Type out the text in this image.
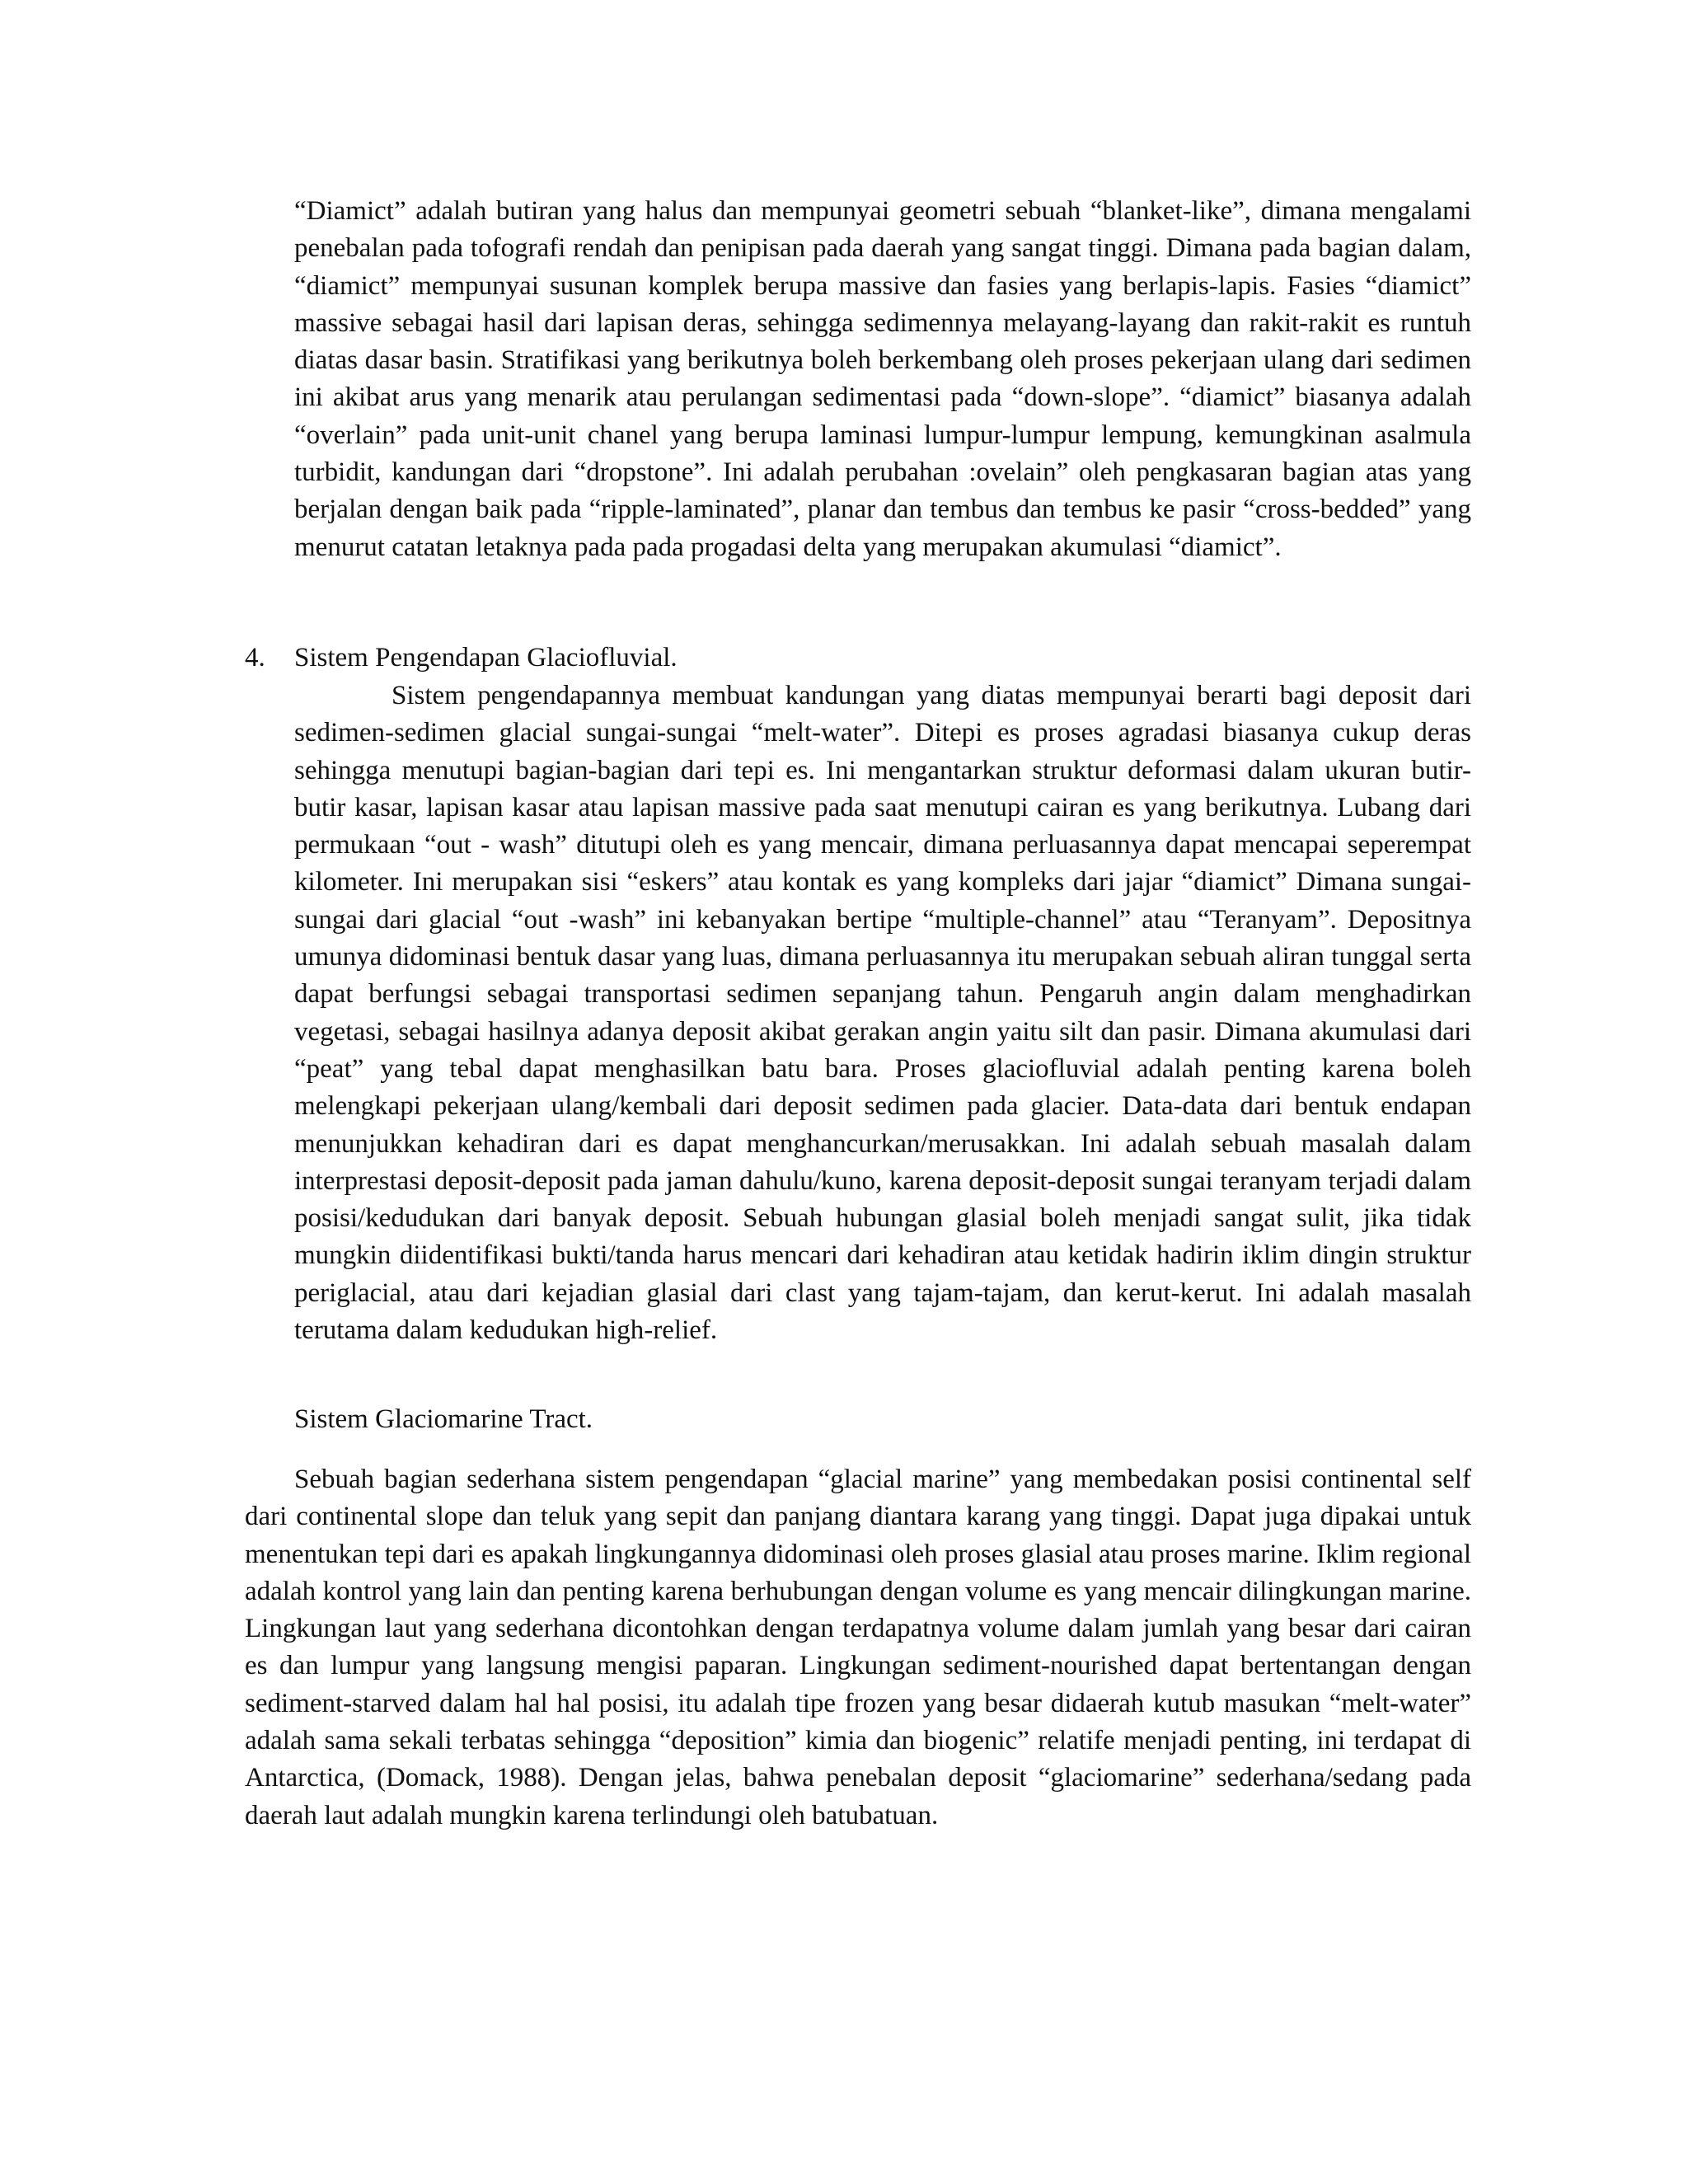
“Diamict” adalah butiran yang halus dan mempunyai geometri sebuah “blanket-like”, dimana mengalami penebalan pada tofografi rendah dan penipisan pada daerah yang sangat tinggi. Dimana pada bagian dalam, “diamict” mempunyai susunan komplek berupa massive dan fasies yang berlapis-lapis. Fasies “diamict” massive sebagai hasil dari lapisan deras, sehingga sedimennya melayang-layang dan rakit-rakit es runtuh diatas dasar basin. Stratifikasi yang berikutnya boleh berkembang oleh proses pekerjaan ulang dari sedimen ini akibat arus yang menarik atau perulangan sedimentasi pada “down-slope”. “diamict” biasanya adalah “overlain” pada unit-unit chanel yang berupa laminasi lumpur-lumpur lempung, kemungkinan asalmula turbidit, kandungan dari “dropstone”. Ini adalah perubahan :ovelain” oleh pengkasaran bagian atas yang berjalan dengan baik pada “ripple-laminated”, planar dan tembus dan tembus ke pasir “cross-bedded” yang menurut catatan letaknya pada pada progadasi delta yang merupakan akumulasi “diamict”.

4. Sistem Pengendapan Glaciofluvial.

Sistem pengendapannya membuat kandungan yang diatas mempunyai berarti bagi deposit dari sedimen-sedimen glacial sungai-sungai “melt-water”. Ditepi es proses agradasi biasanya cukup deras sehingga menutupi bagian-bagian dari tepi es. Ini mengantarkan struktur deformasi dalam ukuran butir-butir kasar, lapisan kasar atau lapisan massive pada saat menutupi cairan es yang berikutnya. Lubang dari permukaan “out - wash” ditutupi oleh es yang mencair, dimana perluasannya dapat mencapai seperempat kilometer. Ini merupakan sisi “eskers” atau kontak es yang kompleks dari jajar “diamict” Dimana sungai-sungai dari glacial “out -wash” ini kebanyakan bertipe “multiple-channel” atau “Teranyam”. Depositnya umunya didominasi bentuk dasar yang luas, dimana perluasannya itu merupakan sebuah aliran tunggal serta dapat berfungsi sebagai transportasi sedimen sepanjang tahun. Pengaruh angin dalam menghadirkan vegetasi, sebagai hasilnya adanya deposit akibat gerakan angin yaitu silt dan pasir. Dimana akumulasi dari “peat” yang tebal dapat menghasilkan batu bara. Proses glaciofluvial adalah penting karena boleh melengkapi pekerjaan ulang/kembali dari deposit sedimen pada glacier. Data-data dari bentuk endapan menunjukkan kehadiran dari es dapat menghancurkan/merusakkan. Ini adalah sebuah masalah dalam interprestasi deposit-deposit pada jaman dahulu/kuno, karena deposit-deposit sungai teranyam terjadi dalam posisi/kedudukan dari banyak deposit. Sebuah hubungan glasial boleh menjadi sangat sulit, jika tidak mungkin diidentifikasi bukti/tanda harus mencari dari kehadiran atau ketidak hadirin iklim dingin struktur periglacial, atau dari kejadian glasial dari clast yang tajam-tajam, dan kerut-kerut. Ini adalah masalah terutama dalam kedudukan high-relief.

Sistem Glaciomarine Tract.

Sebuah bagian sederhana sistem pengendapan “glacial marine” yang membedakan posisi continental self dari continental slope dan teluk yang sepit dan panjang diantara karang yang tinggi. Dapat juga dipakai untuk menentukan tepi dari es apakah lingkungannya didominasi oleh proses glasial atau proses marine. Iklim regional adalah kontrol yang lain dan penting karena berhubungan dengan volume es yang mencair dilingkungan marine. Lingkungan laut yang sederhana dicontohkan dengan terdapatnya volume dalam jumlah yang besar dari cairan es dan lumpur yang langsung mengisi paparan. Lingkungan sediment-nourished dapat bertentangan dengan sediment-starved dalam hal hal posisi, itu adalah tipe frozen yang besar didaerah kutub masukan “melt-water” adalah sama sekali terbatas sehingga “deposition” kimia dan biogenic” relatife menjadi penting, ini terdapat di Antarctica, (Domack, 1988). Dengan jelas, bahwa penebalan deposit “glaciomarine” sederhana/sedang pada daerah laut adalah mungkin karena terlindungi oleh batubatuan.
